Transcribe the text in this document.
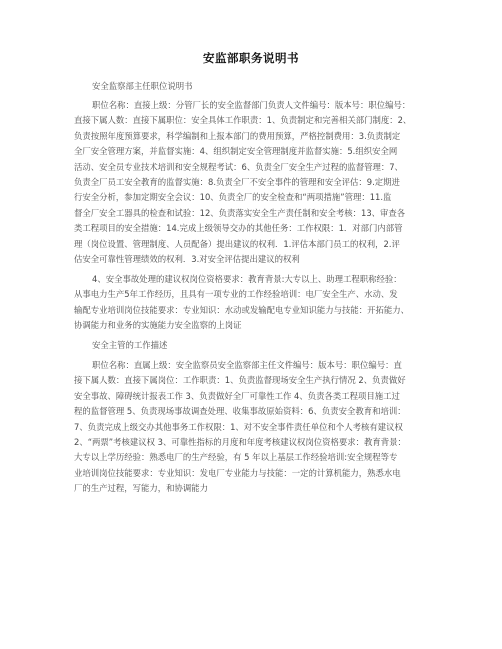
安监部职务说明书
安全监察部主任职位说明书
职位名称：直接上级：分管厂长的安全监督部门负责人文件编号：版本号：职位编号：
直接下属人数：直接下属职位：安全具体工作职责：1、负责制定和完善相关部门制度：2、
负责按照年度预算要求，科学编制和上报本部门的费用预算，严格控制费用：3.负责制定
全厂安全管理方案，并监督实施：4、组织制定安全管理制度并监督实施：5.组织安全网
活动、安全员专业技术培训和安全规程考试：6、负责全厂安全生产过程的监督管理：7、
负责全厂员工安全教育的监督实施：8.负责全厂不安全事件的管理和安全评估：9.定期进
行安全分析，参加定期安全会议：10、负责全厂的安全检查和“两项措施”管理：11.监
督全厂安全工器具的检查和试验：12、负责落实安全生产责任制和安全考核：13、审查各
类工程项目的安全措施：14.完成上级领导交办的其他任务：工作权限：1．对部门内部管
理（岗位设置、管理制度、人员配备）提出建议的权利．1.评估本部门员工的权利，2.评
估安全可靠性管理绩效的权利．3.对安全评估提出建议的权利
4、安全事故处理的建议权岗位资格要求：教育背景:大专以上、助理工程职称经验：
从事电力生产5年工作经历，且具有一项专业的工作经验培训：电厂安全生产、水动、发
输配专业培训岗位技能要求：专业知识：水动或发输配电专业知识能力与技能：开拓能力、
协调能力和业务的实施能力安全监察的上岗证
安全主管的工作描述
职位名称：直属上级：安全监察员安全监察部主任文件编号：版本号：职位编号：直
接下属人数：直接下属岗位：工作职责：1、负责监督现场安全生产执行情况 2、负责做好
安全事故、障碍统计报表工作 3、负责做好全厂可靠性工作 4、负责各类工程项目施工过
程的监督管理 5、负责现场事故调查处理、收集事故原始资料：6、负责安全教育和培训：
7、负责完成上级交办其他事务工作权限：1、对不安全事件责任单位和个人考核有建议权
2、“两票”考核建议权 3、可靠性指标的月度和年度考核建议权岗位资格要求：教育背景：
大专以上学历经验：熟悉电厂的生产经验，有 5 年以上基层工作经验培训:安全规程等专
业培训岗位技能要求：专业知识：发电厂专业能力与技能：一定的计算机能力，熟悉水电
厂的生产过程，写能力，和协调能力
